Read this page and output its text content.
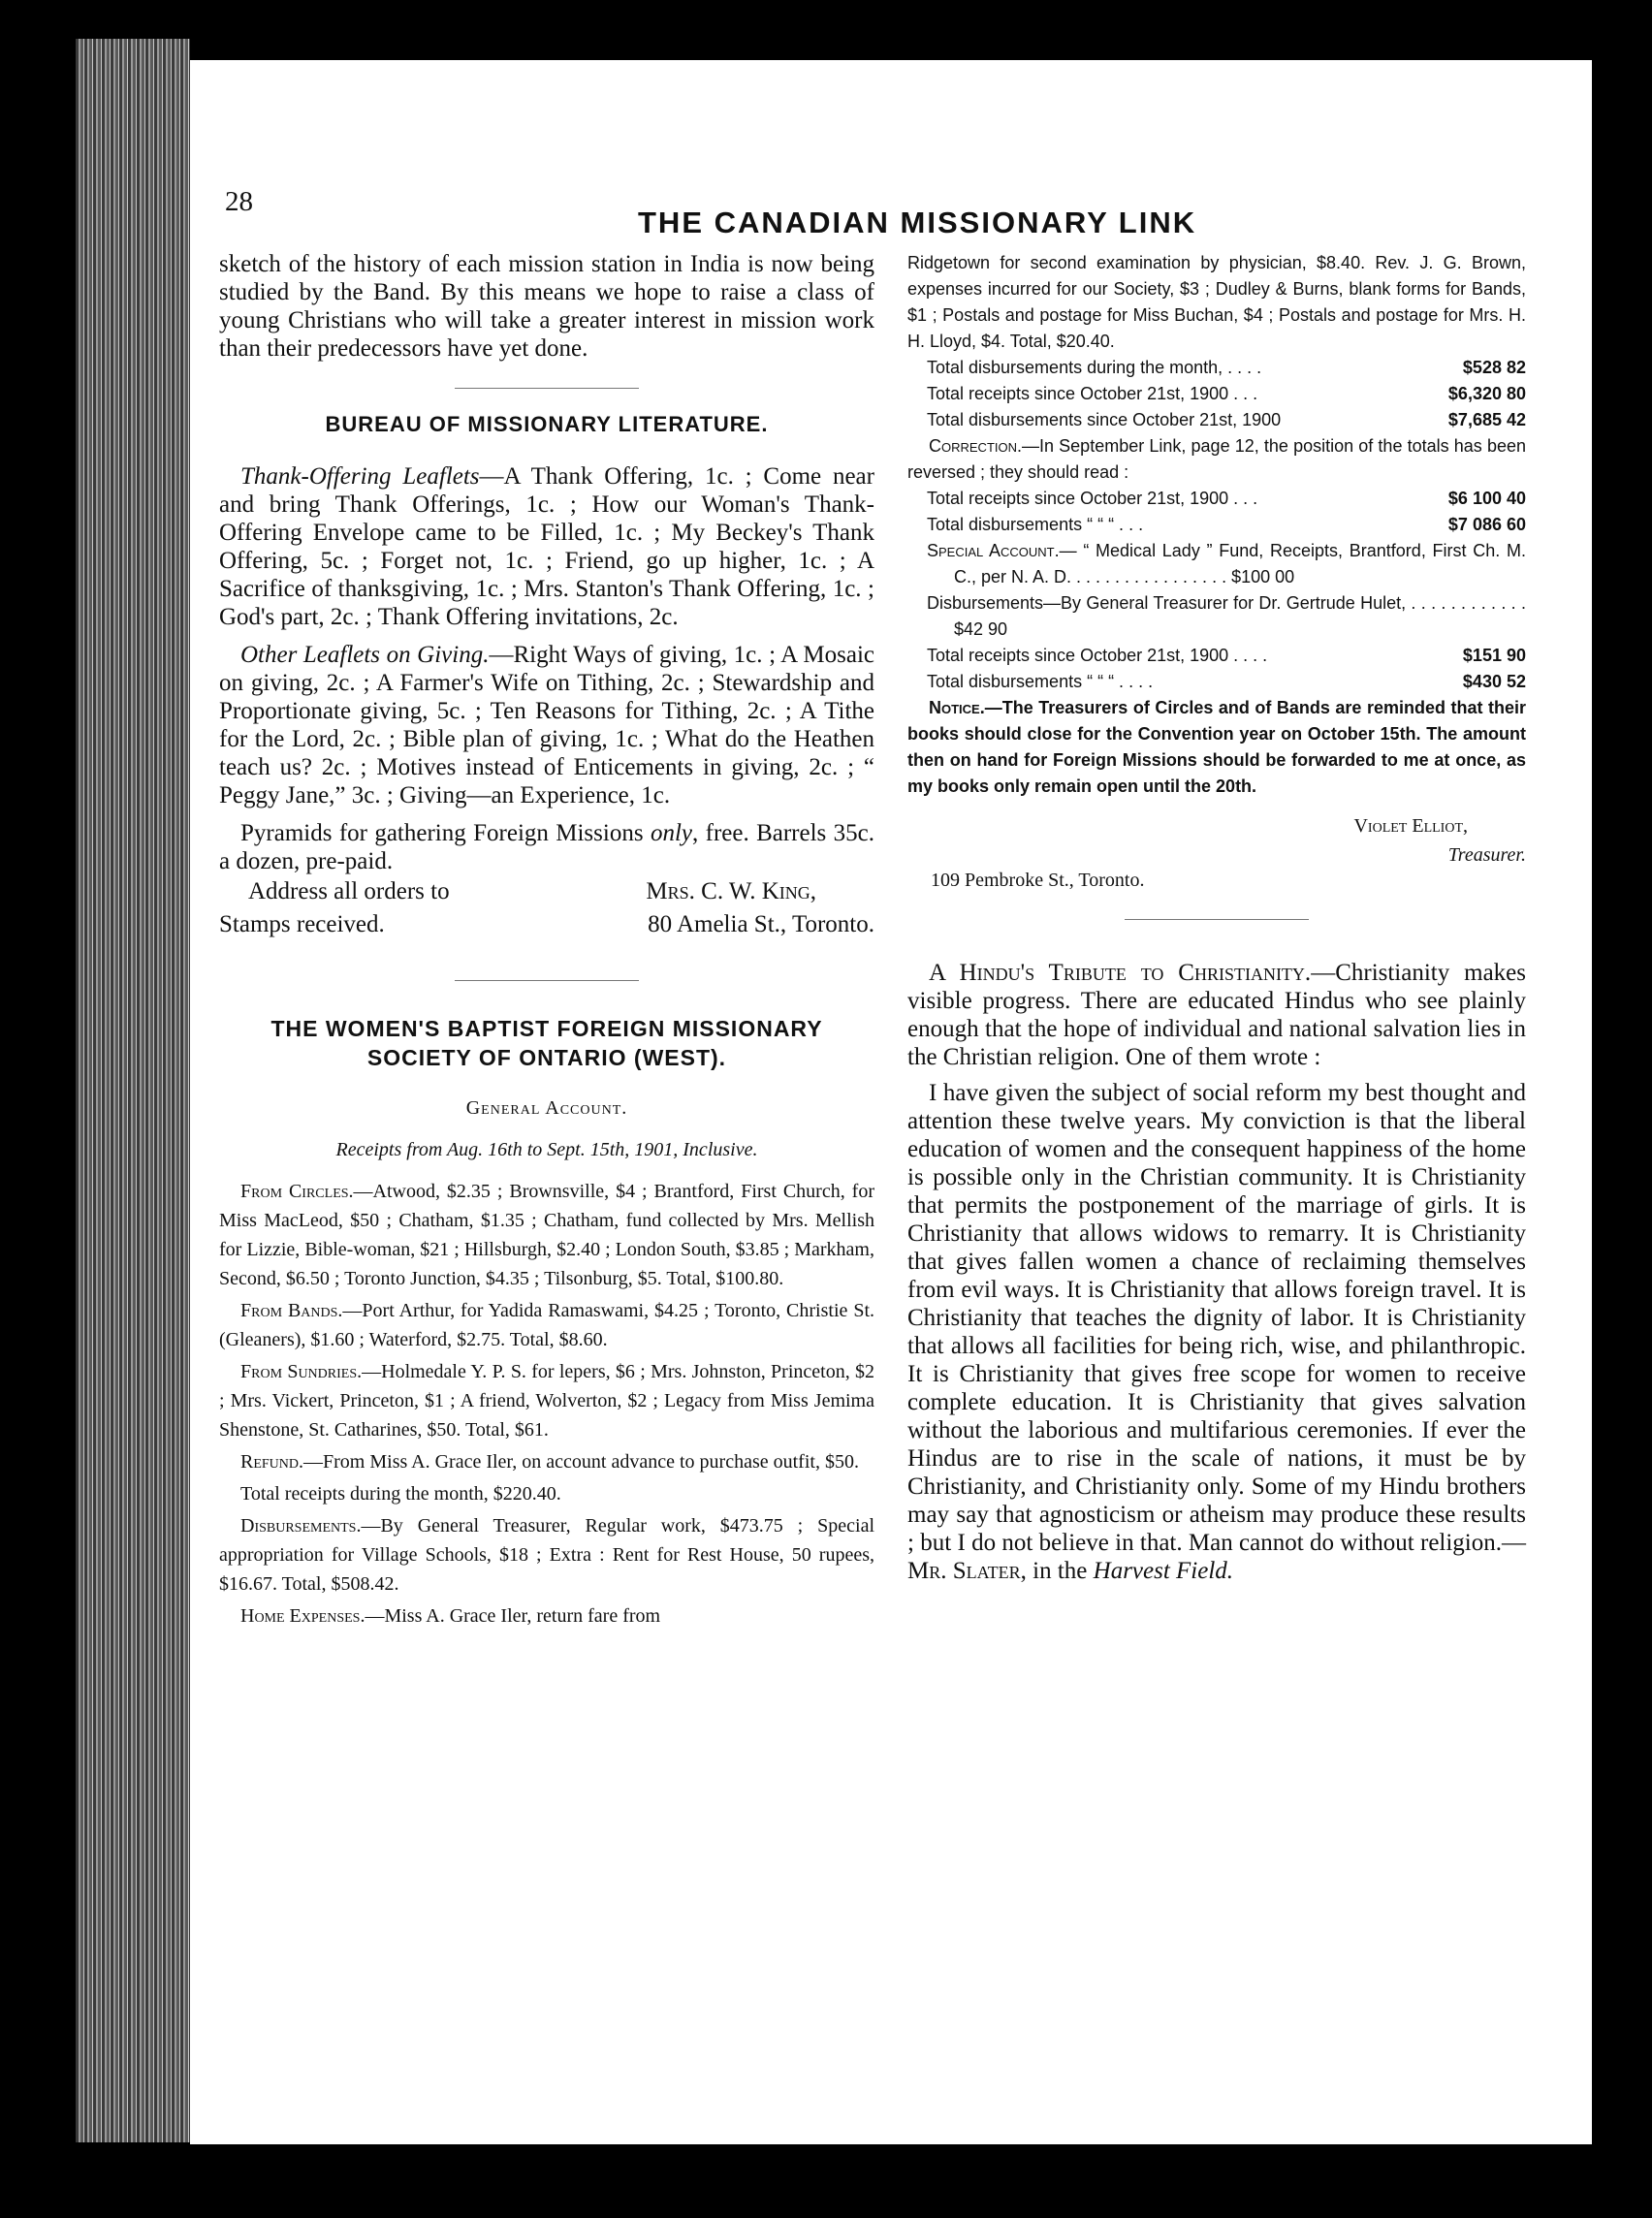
28
THE CANADIAN MISSIONARY LINK

sketch of the history of each mission station in India is now being studied by the Band. By this means we hope to raise a class of young Christians who will take a greater interest in mission work than their predecessors have yet done.

BUREAU OF MISSIONARY LITERATURE.

Thank-Offering Leaflets—A Thank Offering, 1c. ; Come near and bring Thank Offerings, 1c. ; How our Woman's Thank-Offering Envelope came to be Filled, 1c. ; My Beckey's Thank Offering, 5c. ; Forget not, 1c. ; Friend, go up higher, 1c. ; A Sacrifice of thanksgiving, 1c. ; Mrs. Stanton's Thank Offering, 1c. ; God's part, 2c. ; Thank Offering invitations, 2c.

Other Leaflets on Giving.—Right Ways of giving, 1c. ; A Mosaic on giving, 2c. ; A Farmer's Wife on Tithing, 2c. ; Stewardship and Proportionate giving, 5c. ; Ten Reasons for Tithing, 2c. ; A Tithe for the Lord, 2c. ; Bible plan of giving, 1c. ; What do the Heathen teach us? 2c. ; Motives instead of Enticements in giving, 2c. ; “ Peggy Jane,” 3c. ; Giving—an Experience, 1c.

Pyramids for gathering Foreign Missions only, free. Barrels 35c. a dozen, pre-paid.

Address all orders to	Mrs. C. W. King,
Stamps received.	80 Amelia St., Toronto.
THE WOMEN'S BAPTIST FOREIGN MISSIONARY
SOCIETY OF ONTARIO (WEST).

General Account.

Receipts from Aug. 16th to Sept. 15th, 1901, Inclusive.

From Circles.—Atwood, $2.35 ; Brownsville, $4 ; Brantford, First Church, for Miss MacLeod, $50 ; Chatham, $1.35 ; Chatham, fund collected by Mrs. Mellish for Lizzie, Bible-woman, $21 ; Hillsburgh, $2.40 ; London South, $3.85 ; Markham, Second, $6.50 ; Toronto Junction, $4.35 ; Tilsonburg, $5. Total, $100.80.

From Bands.—Port Arthur, for Yadida Ramaswami, $4.25 ; Toronto, Christie St. (Gleaners), $1.60 ; Waterford, $2.75. Total, $8.60.

From Sundries.—Holmedale Y. P. S. for lepers, $6 ; Mrs. Johnston, Princeton, $2 ; Mrs. Vickert, Princeton, $1 ; A friend, Wolverton, $2 ; Legacy from Miss Jemima Shenstone, St. Catharines, $50. Total, $61.

Refund.—From Miss A. Grace Iler, on account advance to purchase outfit, $50.

Total receipts during the month, $220.40.

Disbursements.—By General Treasurer, Regular work, $473.75 ; Special appropriation for Village Schools, $18 ; Extra : Rent for Rest House, 50 rupees, $16.67. Total, $508.42.

Home Expenses.—Miss A. Grace Iler, return fare from

Ridgetown for second examination by physician, $8.40. Rev. J. G. Brown, expenses incurred for our Society, $3 ; Dudley & Burns, blank forms for Bands, $1 ; Postals and postage for Miss Buchan, $4 ; Postals and postage for Mrs. H. H. Lloyd, $4. Total, $20.40.

Total disbursements during the month, . . . .	$528 82
Total receipts since October 21st, 1900 . . .	$6,320 80
Total disbursements since October 21st, 1900	$7,685 42

Correction.—In September Link, page 12, the position of the totals has been reversed ; they should read :

Total receipts since October 21st, 1900 . . .	$6 100 40
Total disbursements “ “ “ . . .	$7 086 60

Special Account.— “ Medical Lady ” Fund, Receipts, Brantford, First Ch. M. C., per N. A. D. . . . . . . . . . . . . . . . . $100 00

Disbursements—By General Treasurer for Dr. Gertrude Hulet, . . . . . . . . . . . . $42 90

Total receipts since October 21st, 1900 . . . .	$151 90
Total disbursements “ “ “ . . . .	$430 52

Notice.—The Treasurers of Circles and of Bands are reminded that their books should close for the Convention year on October 15th. The amount then on hand for Foreign Missions should be forwarded to me at once, as my books only remain open until the 20th.

Violet Elliot,
Treasurer.
109 Pembroke St., Toronto.

A Hindu's Tribute to Christianity.—Christianity makes visible progress. There are educated Hindus who see plainly enough that the hope of individual and national salvation lies in the Christian religion. One of them wrote :

I have given the subject of social reform my best thought and attention these twelve years. My conviction is that the liberal education of women and the consequent happiness of the home is possible only in the Christian community. It is Christianity that permits the postponement of the marriage of girls. It is Christianity that allows widows to remarry. It is Christianity that gives fallen women a chance of reclaiming themselves from evil ways. It is Christianity that allows foreign travel. It is Christianity that teaches the dignity of labor. It is Christianity that allows all facilities for being rich, wise, and philanthropic. It is Christianity that gives free scope for women to receive complete education. It is Christianity that gives salvation without the laborious and multifarious ceremonies. If ever the Hindus are to rise in the scale of nations, it must be by Christianity, and Christianity only. Some of my Hindu brothers may say that agnosticism or atheism may produce these results ; but I do not believe in that. Man cannot do without religion.—Mr. Slater, in the Harvest Field.
